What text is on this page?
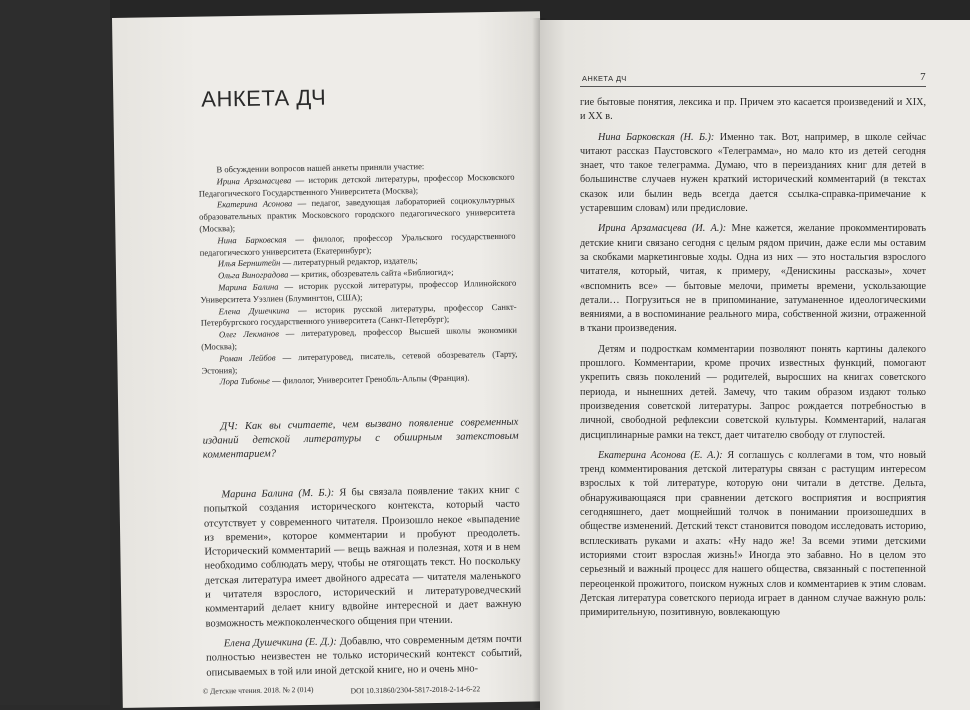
АНКЕТА ДЧ

В обсуждении вопросов нашей анкеты приняли участие:

Ирина Арзамасцева — историк детской литературы, профессор Московского Педагогического Государственного Университета (Москва);

Екатерина Асонова — педагог, заведующая лабораторией социокультурных образовательных практик Московского городского педагогического университета (Москва);

Нина Барковская — филолог, профессор Уральского государственного педагогического университета (Екатеринбург);

Илья Бернштейн — литературный редактор, издатель;

Ольга Виноградова — критик, обозреватель сайта «Библиогид»;

Марина Балина — историк русской литературы, профессор Иллинойского Университета Уэзлиен (Блумингтон, США);

Елена Душечкина — историк русской литературы, профессор Санкт-Петербургского государственного университета (Санкт-Петербург);

Олег Лекманов — литературовед, профессор Высшей школы экономики (Москва);

Роман Лейбов — литературовед, писатель, сетевой обозреватель (Тарту, Эстония);

Лора Тибонье — филолог, Университет Гренобль-Альпы (Франция).

ДЧ: Как вы считаете, чем вызвано появление современных изданий детской литературы с обширным затекстовым комментарием?

Марина Балина (М. Б.): Я бы связала появление таких книг с попыткой создания исторического контекста, который часто отсутствует у современного читателя. Произошло некое «выпадение из времени», которое комментарии и пробуют преодолеть. Исторический комментарий — вещь важная и полезная, хотя и в нем необходимо соблюдать меру, чтобы не отягощать текст. Но поскольку детская литература имеет двойного адресата — читателя маленького и читателя взрослого, исторический и литературоведческий комментарий делает книгу вдвойне интересной и дает важную возможность межпоколенческого общения при чтении.

Елена Душечкина (Е. Д.): Добавлю, что современным детям почти полностью неизвестен не только исторический контекст событий, описываемых в той или иной детской книге, но и очень мно-

© Детские чтения. 2018. № 2 (014)	DOI 10.31860/2304-5817-2018-2-14-6-22
АНКЕТА ДЧ	7

гие бытовые понятия, лексика и пр. Причем это касается произведений и XIX, и XX в.

Нина Барковская (Н. Б.): Именно так. Вот, например, в школе сейчас читают рассказ Паустовского «Телеграмма», но мало кто из детей сегодня знает, что такое телеграмма. Думаю, что в переизданиях книг для детей в большинстве случаев нужен краткий исторический комментарий (в текстах сказок или былин ведь всегда дается ссылка-справка-примечание к устаревшим словам) или предисловие.

Ирина Арзамасцева (И. А.): Мне кажется, желание прокомментировать детские книги связано сегодня с целым рядом причин, даже если мы оставим за скобками маркетинговые ходы. Одна из них — это ностальгия взрослого читателя, который, читая, к примеру, «Денискины рассказы», хочет «вспомнить все» — бытовые мелочи, приметы времени, ускользающие детали… Погрузиться не в припоминание, затуманенное идеологическими веяниями, а в воспоминание реального мира, собственной жизни, отраженной в ткани произведения.

Детям и подросткам комментарии позволяют понять картины далекого прошлого. Комментарии, кроме прочих известных функций, помогают укрепить связь поколений — родителей, выросших на книгах советского периода, и нынешних детей. Замечу, что таким образом издают только произведения советской литературы. Запрос рождается потребностью в личной, свободной рефлексии советской культуры. Комментарий, налагая дисциплинарные рамки на текст, дает читателю свободу от глупостей.

Екатерина Асонова (Е. А.): Я соглашусь с коллегами в том, что новый тренд комментирования детской литературы связан с растущим интересом взрослых к той литературе, которую они читали в детстве. Дельта, обнаруживающаяся при сравнении детского восприятия и восприятия сегодняшнего, дает мощнейший толчок в понимании произошедших в обществе изменений. Детский текст становится поводом исследовать историю, всплескивать руками и ахать: «Ну надо же! За всеми этими детскими историями стоит взрослая жизнь!» Иногда это забавно. Но в целом это серьезный и важный процесс для нашего общества, связанный с постепенной переоценкой прожитого, поиском нужных слов и комментариев к этим словам. Детская литература советского периода играет в данном случае важную роль: примирительную, позитивную, вовлекающую
